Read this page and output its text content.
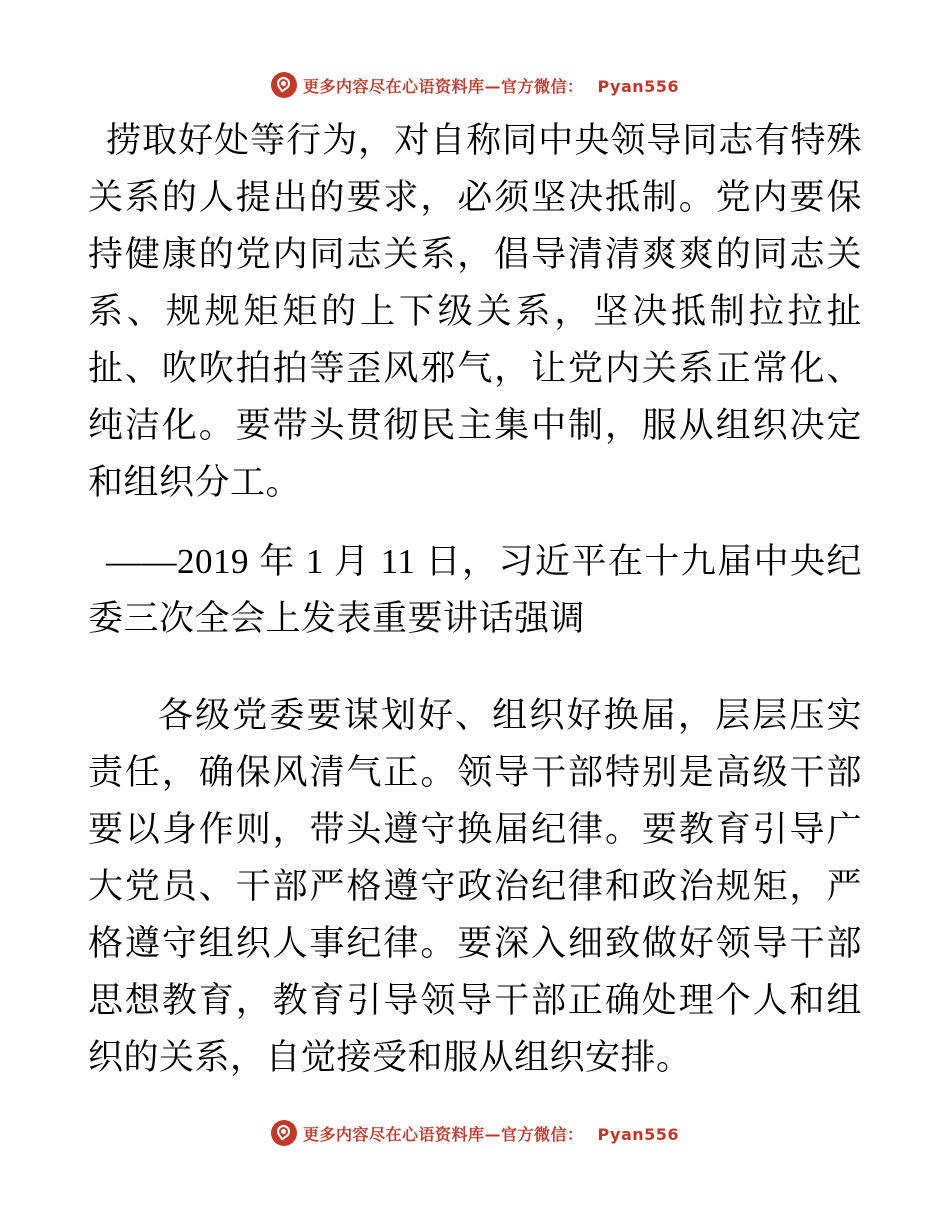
更多内容尽在心语资料库—官方微信： Pyan556

捞取好处等行为，对自称同中央领导同志有特殊关系的人提出的要求，必须坚决抵制。党内要保持健康的党内同志关系，倡导清清爽爽的同志关系、规规矩矩的上下级关系，坚决抵制拉拉扯扯、吹吹拍拍等歪风邪气，让党内关系正常化、纯洁化。要带头贯彻民主集中制，服从组织决定和组织分工。

——2019 年 1 月 11 日，习近平在十九届中央纪委三次全会上发表重要讲话强调

各级党委要谋划好、组织好换届，层层压实责任，确保风清气正。领导干部特别是高级干部要以身作则，带头遵守换届纪律。要教育引导广大党员、干部严格遵守政治纪律和政治规矩，严格遵守组织人事纪律。要深入细致做好领导干部思想教育，教育引导领导干部正确处理个人和组织的关系，自觉接受和服从组织安排。

更多内容尽在心语资料库—官方微信： Pyan556
